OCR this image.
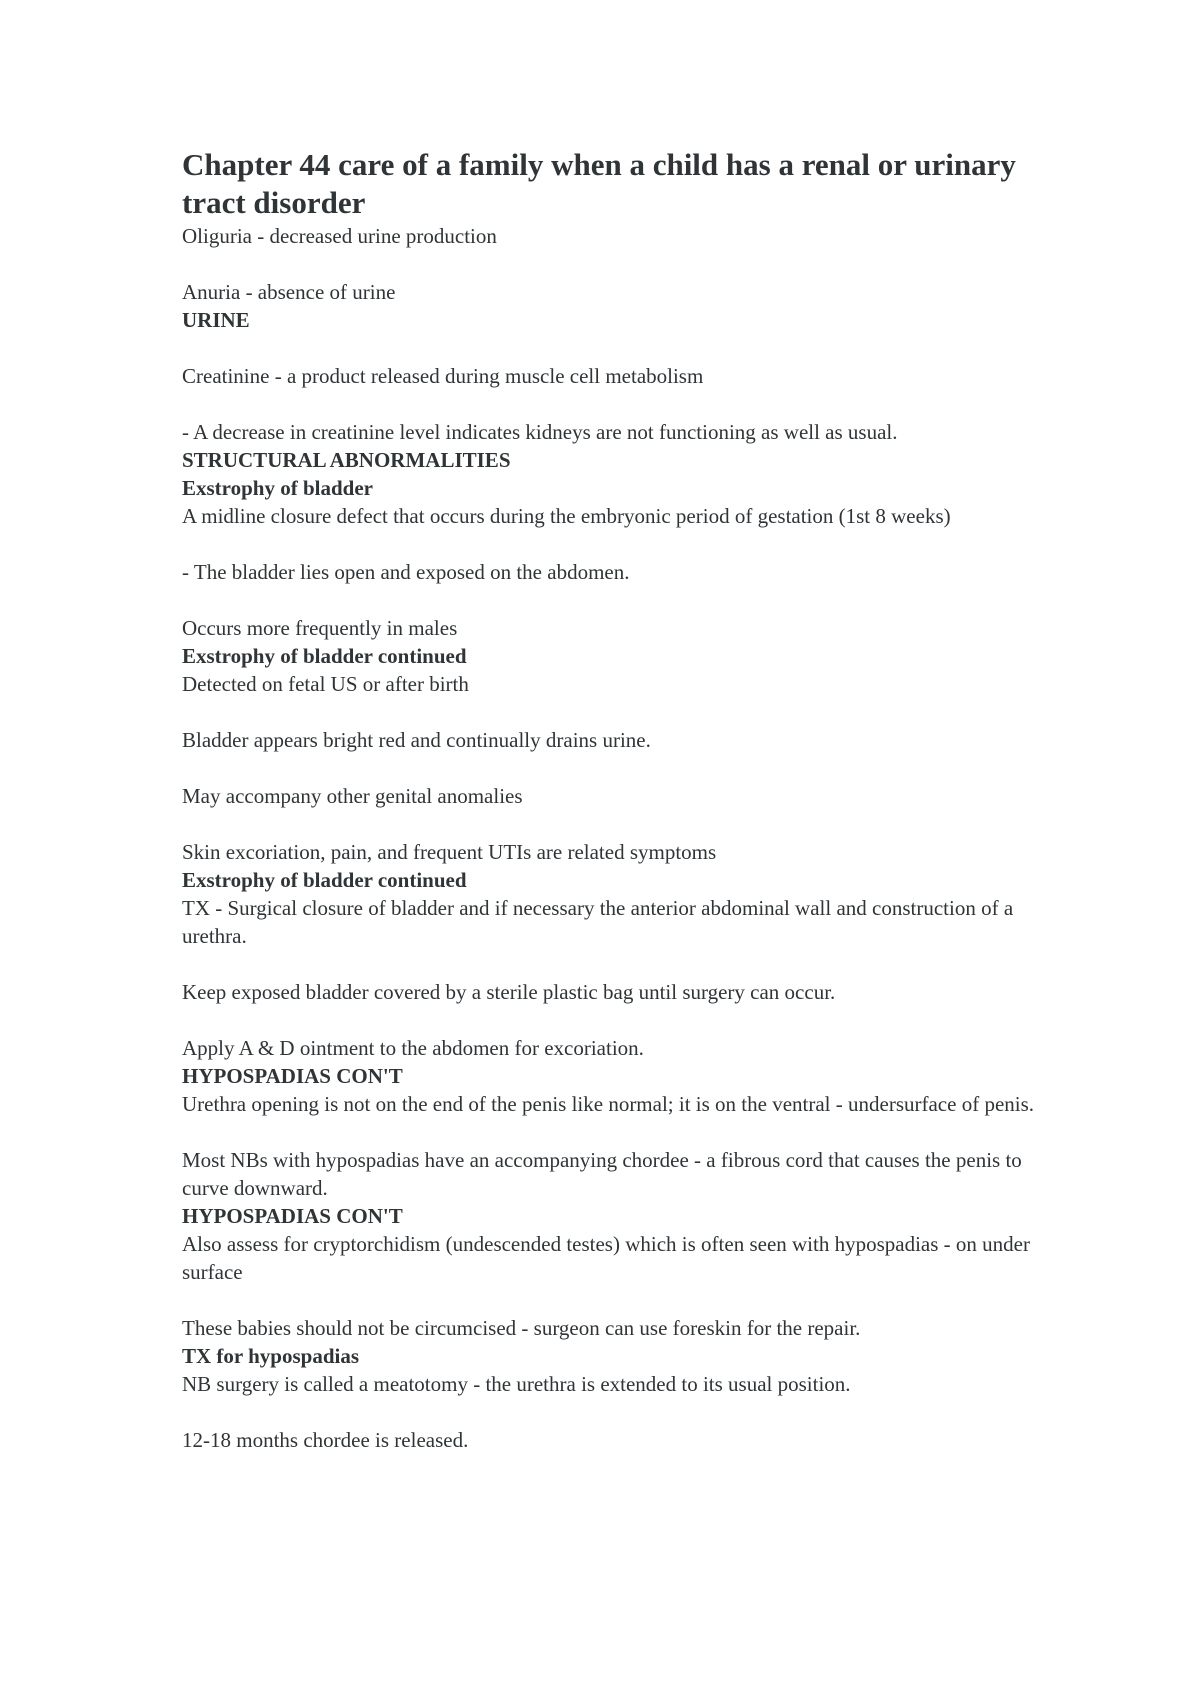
Chapter 44 care of a family when a child has a renal or urinary tract disorder

Oliguria - decreased urine production

Anuria - absence of urine

URINE

Creatinine - a product released during muscle cell metabolism

- A decrease in creatinine level indicates kidneys are not functioning as well as usual.

STRUCTURAL ABNORMALITIES

Exstrophy of bladder

A midline closure defect that occurs during the embryonic period of gestation (1st 8 weeks)

- The bladder lies open and exposed on the abdomen.

Occurs more frequently in males

Exstrophy of bladder continued

Detected on fetal US or after birth

Bladder appears bright red and continually drains urine.

May accompany other genital anomalies

Skin excoriation, pain, and frequent UTIs are related symptoms

Exstrophy of bladder continued

TX - Surgical closure of bladder and if necessary the anterior abdominal wall and construction of a urethra.

Keep exposed bladder covered by a sterile plastic bag until surgery can occur.

Apply A & D ointment to the abdomen for excoriation.

HYPOSPADIAS CON'T

Urethra opening is not on the end of the penis like normal; it is on the ventral - undersurface of penis.

Most NBs with hypospadias have an accompanying chordee - a fibrous cord that causes the penis to curve downward.

HYPOSPADIAS CON'T

Also assess for cryptorchidism (undescended testes) which is often seen with hypospadias - on under surface

These babies should not be circumcised - surgeon can use foreskin for the repair.

TX for hypospadias

NB surgery is called a meatotomy - the urethra is extended to its usual position.

12-18 months chordee is released.
